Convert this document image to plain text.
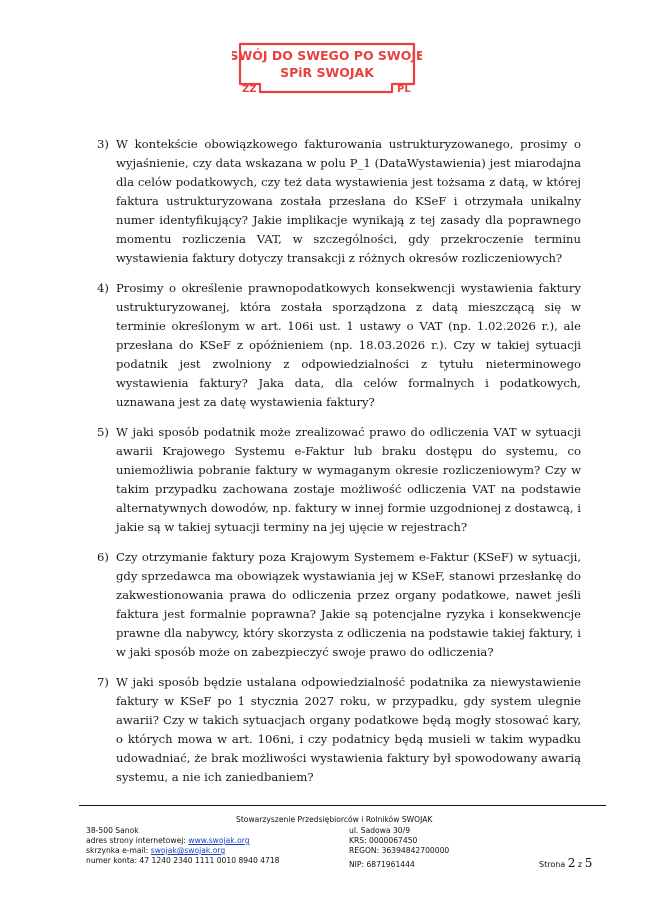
SWÓJ DO SWEGO PO SWOJE
SPiR SWOJAK
ZZ	PL
3) W kontekście obowiązkowego fakturowania ustrukturyzowanego, prosimy o wyjaśnienie, czy data wskazana w polu P_1 (DataWystawienia) jest miarodajna dla celów podatkowych, czy też data wystawienia jest tożsama z datą, w której faktura ustrukturyzowana została przesłana do KSeF i otrzymała unikalny numer identyfikujący? Jakie implikacje wynikają z tej zasady dla poprawnego momentu rozliczenia VAT, w szczególności, gdy przekroczenie terminu wystawienia faktury dotyczy transakcji z różnych okresów rozliczeniowych?
4) Prosimy o określenie prawnopodatkowych konsekwencji wystawienia faktury ustrukturyzowanej, która została sporządzona z datą mieszczącą się w terminie określonym w art. 106i ust. 1 ustawy o VAT (np. 1.02.2026 r.), ale przesłana do KSeF z opóźnieniem (np. 18.03.2026 r.). Czy w takiej sytuacji podatnik jest zwolniony z odpowiedzialności z tytułu nieterminowego wystawienia faktury? Jaka data, dla celów formalnych i podatkowych, uznawana jest za datę wystawienia faktury?
5) W jaki sposób podatnik może zrealizować prawo do odliczenia VAT w sytuacji awarii Krajowego Systemu e-Faktur lub braku dostępu do systemu, co uniemożliwia pobranie faktury w wymaganym okresie rozliczeniowym? Czy w takim przypadku zachowana zostaje możliwość odliczenia VAT na podstawie alternatywnych dowodów, np. faktury w innej formie uzgodnionej z dostawcą, i jakie są w takiej sytuacji terminy na jej ujęcie w rejestrach?
6) Czy otrzymanie faktury poza Krajowym Systemem e-Faktur (KSeF) w sytuacji, gdy sprzedawca ma obowiązek wystawiania jej w KSeF, stanowi przesłankę do zakwestionowania prawa do odliczenia przez organy podatkowe, nawet jeśli faktura jest formalnie poprawna? Jakie są potencjalne ryzyka i konsekwencje prawne dla nabywcy, który skorzysta z odliczenia na podstawie takiej faktury, i w jaki sposób może on zabezpieczyć swoje prawo do odliczenia?
7) W jaki sposób będzie ustalana odpowiedzialność podatnika za niewystawienie faktury w KSeF po 1 stycznia 2027 roku, w przypadku, gdy system ulegnie awarii? Czy w takich sytuacjach organy podatkowe będą mogły stosować kary, o których mowa w art. 106ni, i czy podatnicy będą musieli w takim wypadku udowadniać, że brak możliwości wystawienia faktury był spowodowany awarią systemu, a nie ich zaniedbaniem?
Stowarzyszenie Przedsiębiorców i Rolników SWOJAK
38-500 Sanok
adres strony internetowej: www.swojak.org
skrzynka e-mail: swojak@swojak.org
numer konta: 47 1240 2340 1111 0010 8940 4718
ul. Sadowa 30/9
KRS: 0000067450
REGON: 36394842700000
NIP: 6871961444	Strona 2 z 5
